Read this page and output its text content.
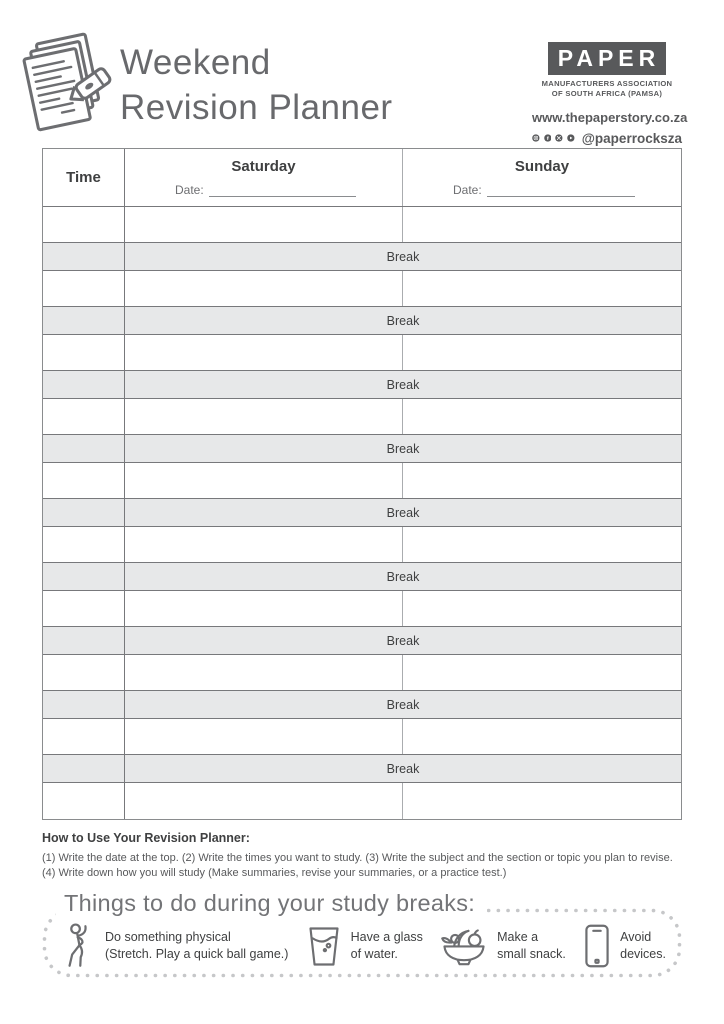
Weekend
Revision Planner
PAPER
MANUFACTURERS ASSOCIATION
OF SOUTH AFRICA (PAMSA)
www.thepaperstory.co.za
@paperrocksza
Time
Saturday
Date:
Sunday
Date:
Break
Break
Break
Break
Break
Break
Break
Break
Break
How to Use Your Revision Planner:
(1) Write the date at the top. (2) Write the times you want to study. (3) Write the subject and the section or topic you plan to revise. (4) Write down how you will study (Make summaries, revise your summaries, or a practice test.)
Things to do during your study breaks:
Do something physical
(Stretch. Play a quick ball game.)
Have a glass
of water.
Make a
small snack.
Avoid
devices.
